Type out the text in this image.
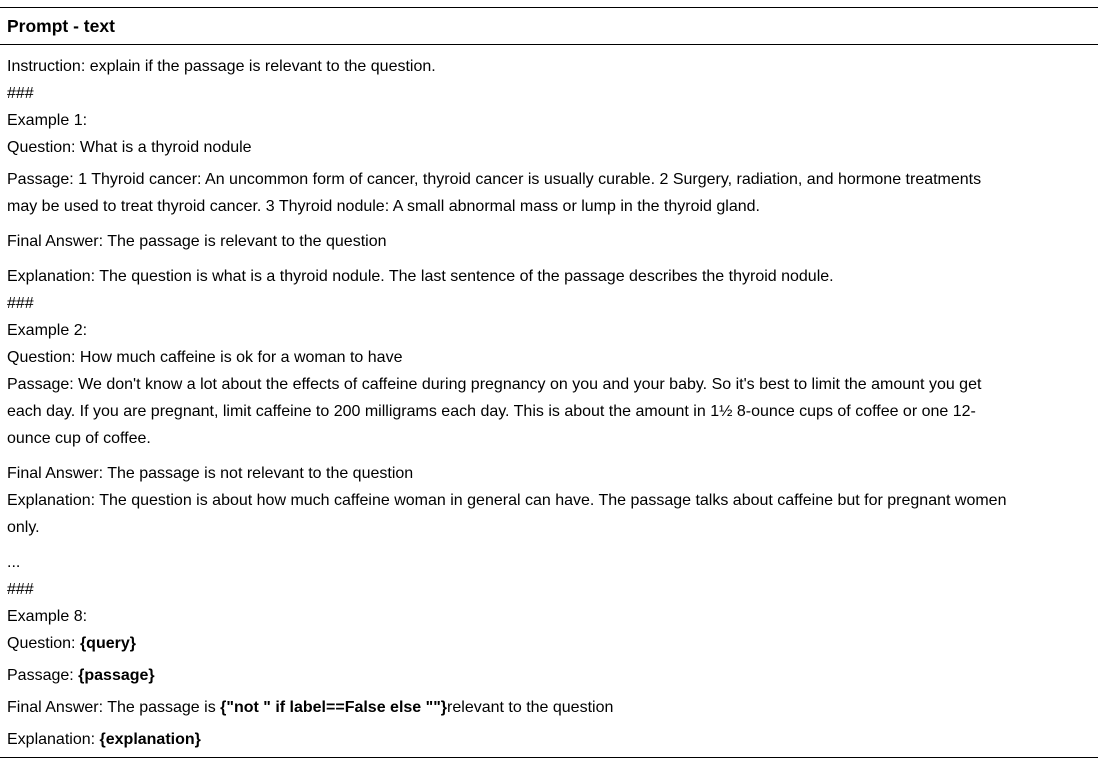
Prompt - text
Instruction: explain if the passage is relevant to the question.
###
Example 1:
Question: What is a thyroid nodule
Passage: 1 Thyroid cancer: An uncommon form of cancer, thyroid cancer is usually curable. 2 Surgery, radiation, and hormone treatments
may be used to treat thyroid cancer. 3 Thyroid nodule: A small abnormal mass or lump in the thyroid gland.
Final Answer: The passage is relevant to the question
Explanation: The question is what is a thyroid nodule. The last sentence of the passage describes the thyroid nodule.
###
Example 2:
Question: How much caffeine is ok for a woman to have
Passage: We don't know a lot about the effects of caffeine during pregnancy on you and your baby. So it's best to limit the amount you get
each day. If you are pregnant, limit caffeine to 200 milligrams each day. This is about the amount in 1½ 8-ounce cups of coffee or one 12-
ounce cup of coffee.
Final Answer: The passage is not relevant to the question
Explanation: The question is about how much caffeine woman in general can have. The passage talks about caffeine but for pregnant women
only.
...
###
Example 8:
Question: {query}
Passage: {passage}
Final Answer: The passage is {"not " if label==False else ""}relevant to the question
Explanation: {explanation}
